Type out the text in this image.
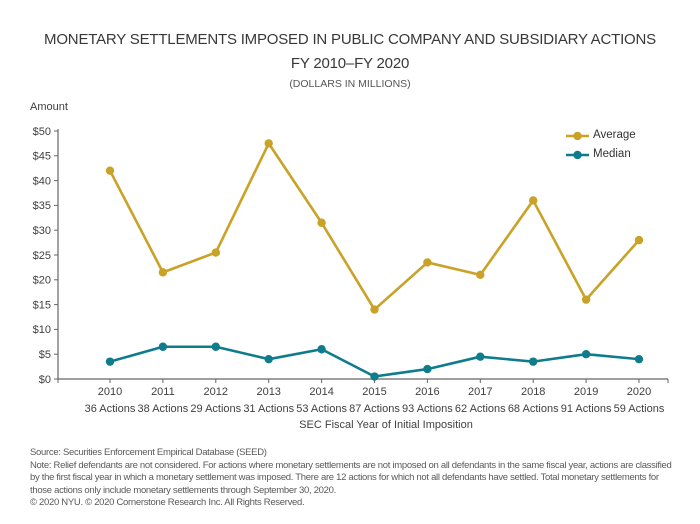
MONETARY SETTLEMENTS IMPOSED IN PUBLIC COMPANY AND SUBSIDIARY ACTIONS
FY 2010–FY 2020
(DOLLARS IN MILLIONS)
Amount
$50
$45
$40
$35
$30
$25
$20
$15
$10
$5
$0
2010
36 Actions
2011
38 Actions
2012
29 Actions
2013
31 Actions
2014
53 Actions
2015
87 Actions
2016
93 Actions
2017
62 Actions
2018
68 Actions
2019
91 Actions
2020
59 Actions
SEC Fiscal Year of Initial Imposition
Average
Median
Source: Securities Enforcement Empirical Database (SEED)
Note: Relief defendants are not considered. For actions where monetary settlements are not imposed on all defendants in the same fiscal year, actions are classified
by the first fiscal year in which a monetary settlement was imposed. There are 12 actions for which not all defendants have settled. Total monetary settlements for
those actions only include monetary settlements through September 30, 2020.
© 2020 NYU. © 2020 Cornerstone Research Inc. All Rights Reserved.
